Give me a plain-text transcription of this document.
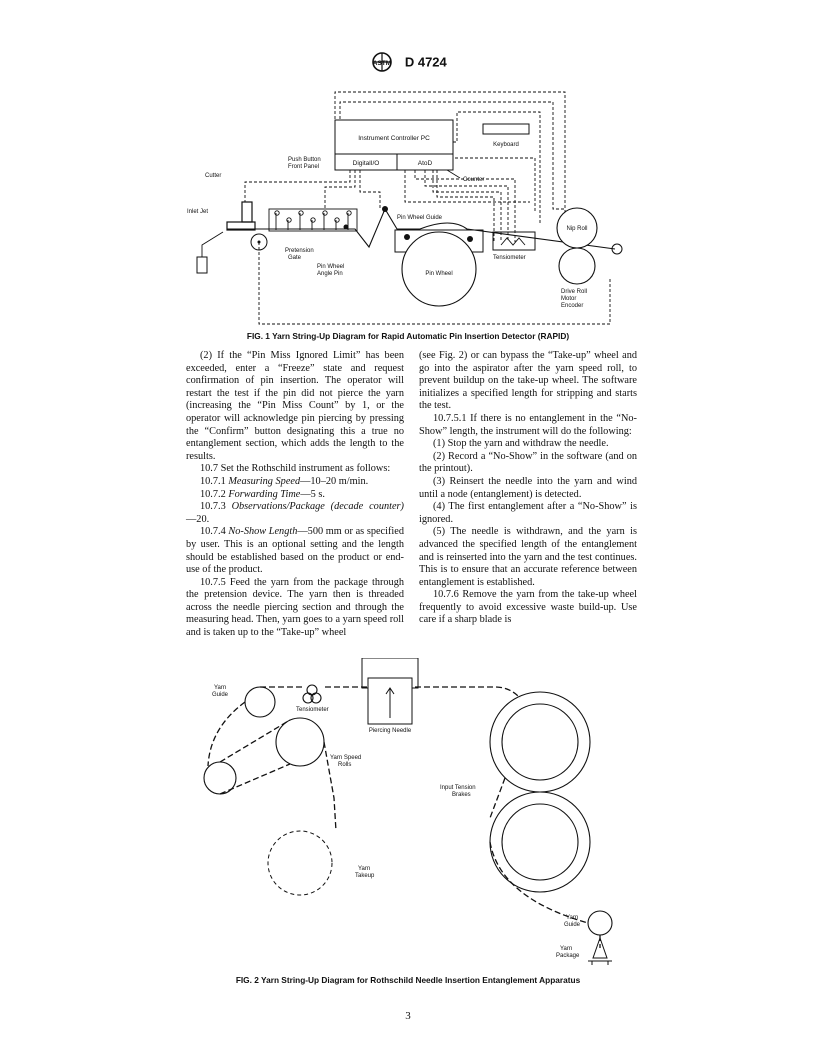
ASTM D 4724
Instrument Controller PC
Keyboard
DigitalI/O	AtoD
Counter
Push Button
Front Panel
Cutter
Inlet Jet
Pretension
Gate
Pin Wheel
Angle Pin
Pin Wheel Guide
Pin Wheel
Tensiometer
Nip Roll
Drive Roll
Motor
Encoder
FIG. 1 Yarn String-Up Diagram for Rapid Automatic Pin Insertion Detector (RAPID)

(2) If the “Pin Miss Ignored Limit” has been exceeded, enter a “Freeze” state and request confirmation of pin insertion. The operator will restart the test if the pin did not pierce the yarn (increasing the “Pin Miss Count” by 1, or the operator will acknowledge pin piercing by pressing the “Confirm” button designating this a true no entanglement section, which adds the length to the results.

10.7 Set the Rothschild instrument as follows:

10.7.1 Measuring Speed—10–20 m/min.

10.7.2 Forwarding Time—5 s.

10.7.3 Observations/Package (decade counter)—20.

10.7.4 No-Show Length—500 mm or as specified by user. This is an optional setting and the length should be established based on the product or end-use of the product.

10.7.5 Feed the yarn from the package through the pretension device. The yarn then is threaded across the needle piercing section and through the measuring head. Then, yarn goes to a yarn speed roll and is taken up to the “Take-up” wheel

(see Fig. 2) or can bypass the “Take-up” wheel and go into the aspirator after the yarn speed roll, to prevent buildup on the take-up wheel. The software initializes a specified length for stripping and starts the test.

10.7.5.1 If there is no entanglement in the “No-Show” length, the instrument will do the following:

(1) Stop the yarn and withdraw the needle.

(2) Record a “No-Show” in the software (and on the printout).

(3) Reinsert the needle into the yarn and wind until a node (entanglement) is detected.

(4) The first entanglement after a “No-Show” is ignored.

(5) The needle is withdrawn, and the yarn is advanced the specified length of the entanglement and is reinserted into the yarn and the test continues. This is to ensure that an accurate reference between entanglement is established.

10.7.6 Remove the yarn from the take-up wheel frequently to avoid excessive waste build-up. Use care if a sharp blade is

Yarn
Guide
Tensiometer
Piercing Needle
Yarn Speed
Rolls
Input Tension
Brakes
Yarn
Takeup
Yarn
Guide
Yarn
Package
FIG. 2 Yarn String-Up Diagram for Rothschild Needle Insertion Entanglement Apparatus
3
